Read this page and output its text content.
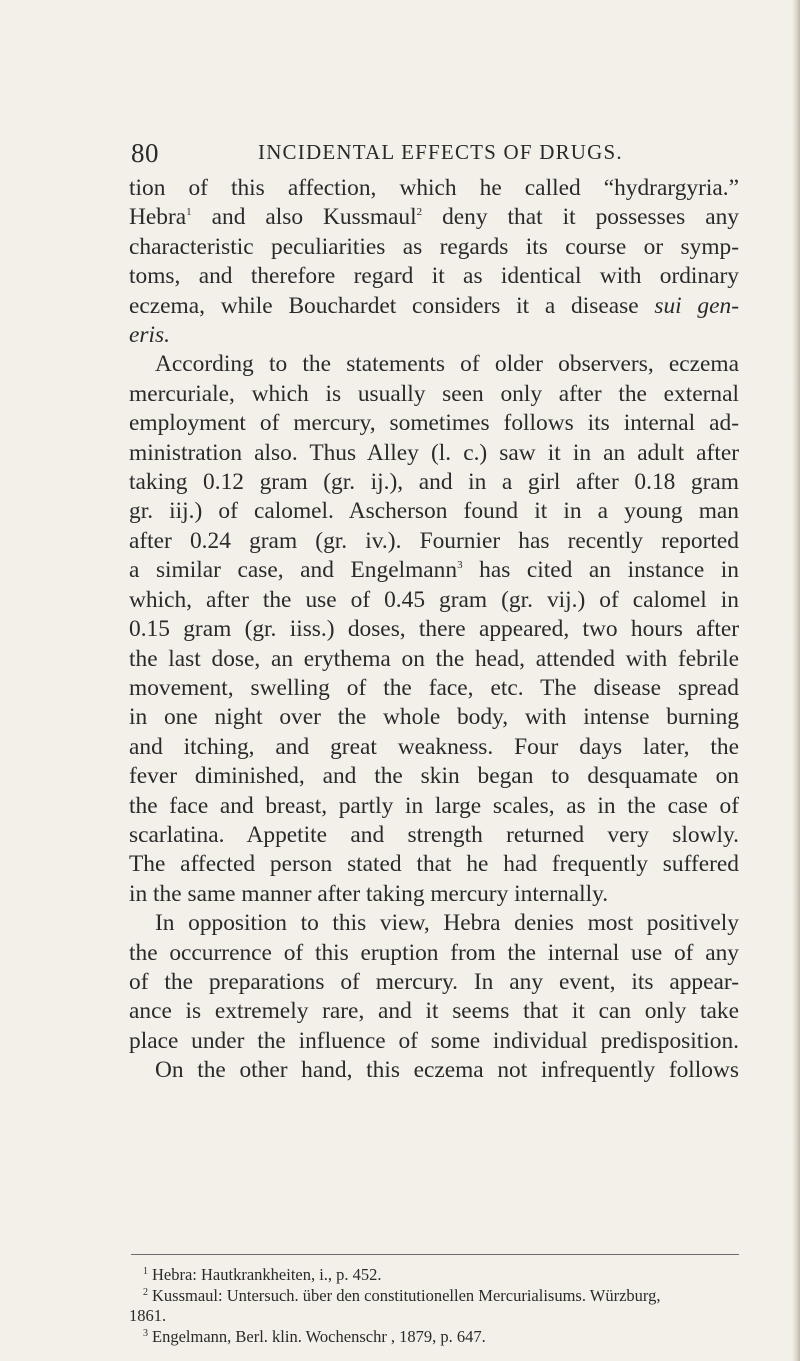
80	INCIDENTAL EFFECTS OF DRUGS.
tion of this affection, which he called “hydrargyria.”
Hebra$^1$ and also Kussmaul$^2$ deny that it possesses any
characteristic peculiarities as regards its course or symp-
toms, and therefore regard it as identical with ordinary
eczema, while Bouchardet considers it a disease sui gen-
eris.
According to the statements of older observers, eczema
mercuriale, which is usually seen only after the external
employment of mercury, sometimes follows its internal ad-
ministration also. Thus Alley (l. c.) saw it in an adult after
taking 0.12 gram (gr. ij.), and in a girl after 0.18 gram
gr. iij.) of calomel. Ascherson found it in a young man
after 0.24 gram (gr. iv.). Fournier has recently reported
a similar case, and Engelmann$^3$ has cited an instance in
which, after the use of 0.45 gram (gr. vij.) of calomel in
0.15 gram (gr. iiss.) doses, there appeared, two hours after
the last dose, an erythema on the head, attended with febrile
movement, swelling of the face, etc. The disease spread
in one night over the whole body, with intense burning
and itching, and great weakness. Four days later, the
fever diminished, and the skin began to desquamate on
the face and breast, partly in large scales, as in the case of
scarlatina. Appetite and strength returned very slowly.
The affected person stated that he had frequently suffered
in the same manner after taking mercury internally.
In opposition to this view, Hebra denies most positively
the occurrence of this eruption from the internal use of any
of the preparations of mercury. In any event, its appear-
ance is extremely rare, and it seems that it can only take
place under the influence of some individual predisposition.
On the other hand, this eczema not infrequently follows
$^1$ Hebra: Hautkrankheiten, i., p. 452.
$^2$ Kussmaul: Untersuch. über den constitutionellen Mercurialisums. Würzburg,
1861.
$^3$ Engelmann, Berl. klin. Wochenschr , 1879, p. 647.
